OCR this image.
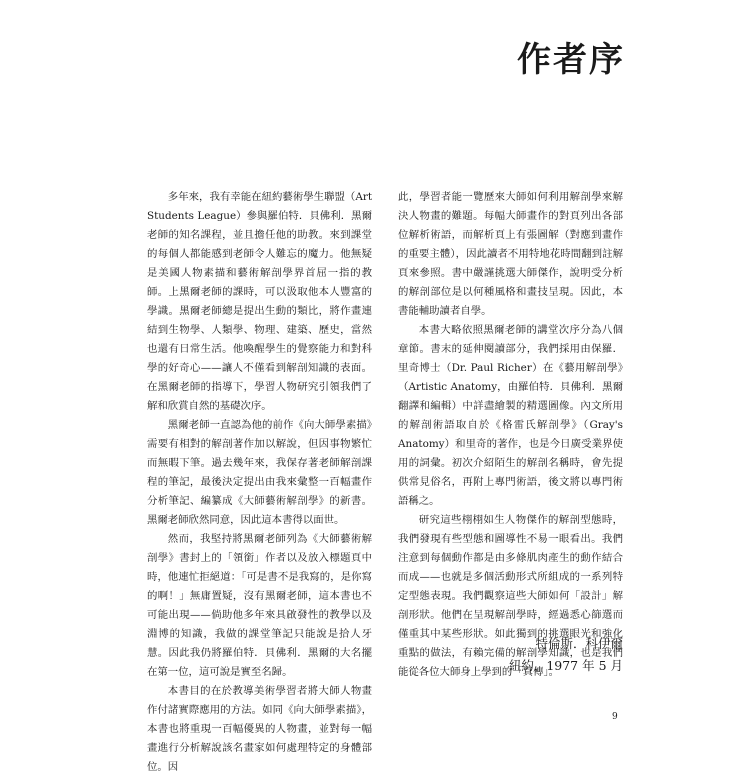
作者序

多年來，我有幸能在紐約藝術學生聯盟（Art Students League）參與羅伯特．貝佛利．黑爾老師的知名課程，並且擔任他的助教。來到課堂的每個人都能感到老師令人難忘的魔力。他無疑是美國人物素描和藝術解剖學界首屈一指的教師。上黑爾老師的課時，可以汲取他本人豐富的學識。黑爾老師總是提出生動的類比，將作畫連結到生物學、人類學、物理、建築、歷史，當然也還有日常生活。他喚醒學生的覺察能力和對科學的好奇心——讓人不僅看到解剖知識的表面。在黑爾老師的指導下，學習人物研究引領我們了解和欣賞自然的基礎次序。

黑爾老師一直認為他的前作《向大師學素描》需要有相對的解剖著作加以解說，但因事物繁忙而無暇下筆。過去幾年來，我保存著老師解剖課程的筆記，最後決定提出由我來彙整一百幅畫作分析筆記、編纂成《大師藝術解剖學》的新書。黑爾老師欣然同意，因此這本書得以面世。

然而，我堅持將黑爾老師列為《大師藝術解剖學》書封上的「領銜」作者以及放入標題頁中時，他連忙拒絕道：「可是書不是我寫的，是你寫的啊！」無庸置疑，沒有黑爾老師，這本書也不可能出現——倘助他多年來具啟發性的教學以及淵博的知識，我做的課堂筆記只能說是拾人牙慧。因此我仍將羅伯特．貝佛利．黑爾的大名擺在第一位，這可說是實至名歸。

本書目的在於教導美術學習者將大師人物畫作付諸實際應用的方法。如同《向大師學素描》，本書也將重現一百幅優異的人物畫，並對每一幅畫進行分析解說該名畫家如何處理特定的身體部位。因

此，學習者能一覽歷來大師如何利用解剖學來解決人物畫的難題。每幅大師畫作的對頁列出各部位解析術語，而解析頁上有張圖解（對應到畫作的重要主體），因此讀者不用特地花時間翻到註解頁來參照。書中嚴謹挑選大師傑作，說明受分析的解剖部位是以何種風格和畫技呈現。因此，本書能輔助讀者自學。

本書大略依照黑爾老師的講堂次序分為八個章節。書末的延伸閱讀部分，我們採用由保羅．里奇博士（Dr. Paul Richer）在《藝用解剖學》（Artistic Anatomy，由羅伯特．貝佛利．黑爾翻譯和編輯）中詳盡繪製的精選圖像。內文所用的解剖術語取自於《格雷氏解剖學》（Gray's Anatomy）和里奇的著作，也是今日廣受業界使用的詞彙。初次介紹陌生的解剖名稱時，會先提供常見俗名，再附上專門術語，後文將以專門術語稱之。

研究這些栩栩如生人物傑作的解剖型態時，我們發現有些型態和圖導性不易一眼看出。我們注意到每個動作都是由多條肌肉產生的動作結合而成——也就是多個活動形式所組成的一系列特定型態表現。我們觀察這些大師如何「設計」解剖形狀。他們在呈現解剖學時，經過悉心篩選而僅重其中某些形狀。如此獨到的挑選眼光和強化重點的做法，有賴完備的解剖學知識，也是我們能從各位大師身上學到的「真傳」。

特倫斯．科伊爾
紐約，1977 年 5 月
9
